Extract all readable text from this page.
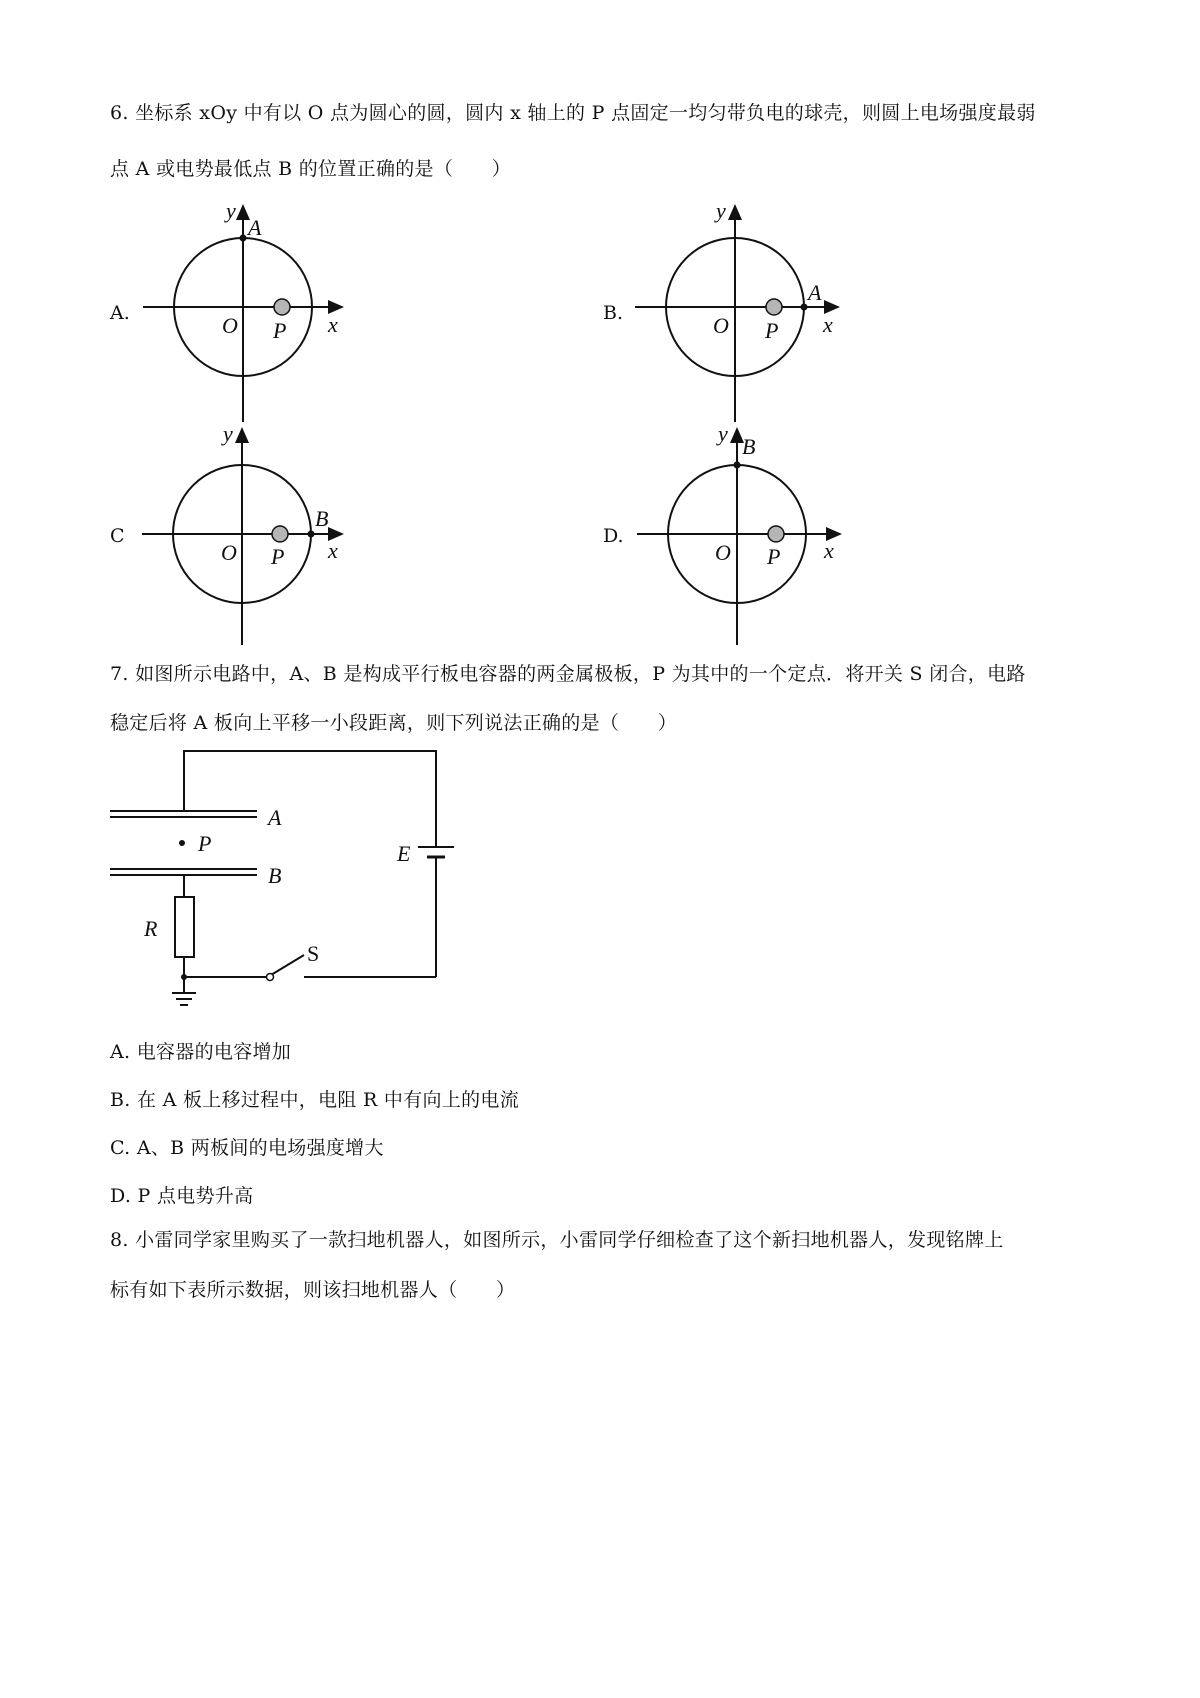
6. 坐标系 xOy 中有以 O 点为圆心的圆，圆内 x 轴上的 P 点固定一均匀带负电的球壳，则圆上电场强度最弱
点 A 或电势最低点 B 的位置正确的是（　　）
A.
y
A
O P x	B.
y
A
O P x
C
y
B
O P x
D.
y
B
O P x
7. 如图所示电路中，A、B 是构成平行板电容器的两金属极板，P 为其中的一个定点．将开关 S 闭合，电路
稳定后将 A 板向上平移一小段距离，则下列说法正确的是（　　）
A
B
P	E
R
S
A. 电容器的电容增加
B. 在 A 板上移过程中，电阻 R 中有向上的电流
C. A、B 两板间的电场强度增大
D. P 点电势升高
8. 小雷同学家里购买了一款扫地机器人，如图所示，小雷同学仔细检查了这个新扫地机器人，发现铭牌上
标有如下表所示数据，则该扫地机器人（　　）
